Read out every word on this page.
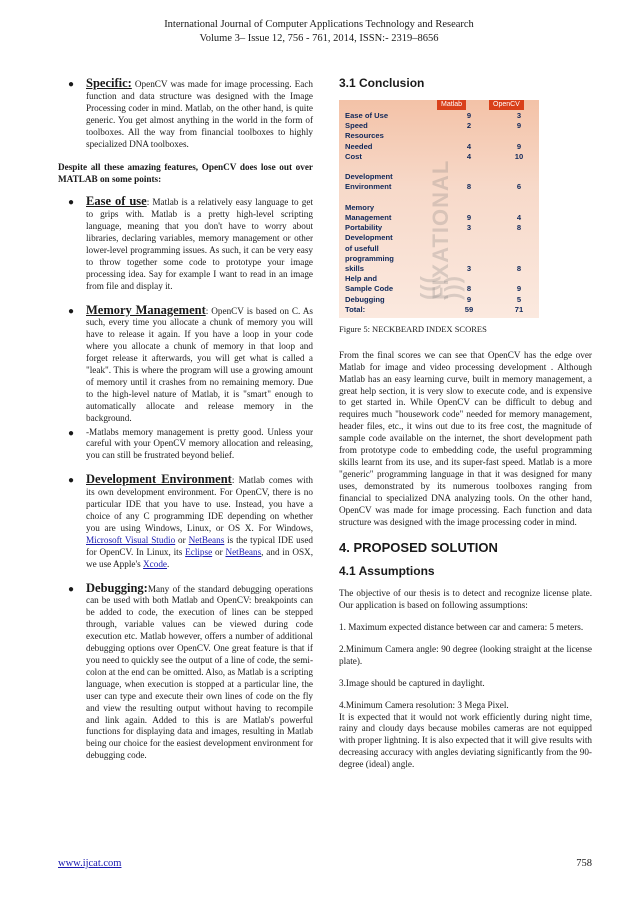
International Journal of Computer Applications Technology and Research
Volume 3– Issue 12, 756 - 761, 2014, ISSN:- 2319–8656
● Specific: OpenCV was made for image processing. Each function and data structure was designed with the Image Processing coder in mind. Matlab, on the other hand, is quite generic. You get almost anything in the world in the form of toolboxes. All the way from financial toolboxes to highly specialized DNA toolboxes.

Despite all these amazing features, OpenCV does lose out over MATLAB on some points:

● Ease of use: Matlab is a relatively easy language to get to grips with. Matlab is a pretty high-level scripting language, meaning that you don't have to worry about libraries, declaring variables, memory management or other lower-level programming issues. As such, it can be very easy to throw together some code to prototype your image processing idea. Say for example I want to read in an image from file and display it.
● Memory Management: OpenCV is based on C. As such, every time you allocate a chunk of memory you will have to release it again. If you have a loop in your code where you allocate a chunk of memory in that loop and forget release it afterwards, you will get what is called a "leak". This is where the program will use a growing amount of memory until it crashes from no remaining memory. Due to the high-level nature of Matlab, it is "smart" enough to automatically allocate and release memory in the background.
● -Matlabs memory management is pretty good. Unless your careful with your OpenCV memory allocation and releasing, you can still be frustrated beyond belief.
● Development Environment: Matlab comes with its own development environment. For OpenCV, there is no particular IDE that you have to use. Instead, you have a choice of any C programming IDE depending on whether you are using Windows, Linux, or OS X. For Windows, Microsoft Visual Studio or NetBeans is the typical IDE used for OpenCV. In Linux, its Eclipse or NetBeans, and in OSX, we use Apple's Xcode.
● Debugging:Many of the standard debugging operations can be used with both Matlab and OpenCV: breakpoints can be added to code, the execution of lines can be stepped through, variable values can be viewed during code execution etc. Matlab however, offers a number of additional debugging options over OpenCV. One great feature is that if you need to quickly see the output of a line of code, the semi-colon at the end can be omitted. Also, as Matlab is a scripting language, when execution is stopped at a particular line, the user can type and execute their own lines of code on the fly and view the resulting output without having to recompile and link again. Added to this is are Matlab's powerful functions for displaying data and images, resulting in Matlab being our choice for the easiest development environment for debugging code.
3.1 Conclusion
((( FIXATIONAL )))
Matlab	OpenCV
Ease of Use	9	3
Speed	2	9
Resources
Needed	4	9
Cost	4	10
Development
Environment	8	6
Memory
Management	9	4
Portability	3	8
Development
of usefull
programming
skills	3	8
Help and
Sample Code	8	9
Debugging	9	5
Total:	59	71

Figure 5: NECKBEARD INDEX SCORES

From the final scores we can see that OpenCV has the edge over Matlab for image and video processing development . Although Matlab has an easy learning curve, built in memory management, a great help section, it is very slow to execute code, and is expensive to get started in. While OpenCV can be difficult to debug and requires much "housework code" needed for memory management, header files, etc., it wins out due to its free cost, the magnitude of sample code available on the internet, the short development path from prototype code to embedding code, the useful programming skills learnt from its use, and its super-fast speed. Matlab is a more "generic" programming language in that it was designed for many uses, demonstrated by its numerous toolboxes ranging from financial to specialized DNA analyzing tools. On the other hand, OpenCV was made for image processing. Each function and data structure was designed with the image processing coder in mind.

4. PROPOSED SOLUTION
4.1 Assumptions

The objective of our thesis is to detect and recognize license plate. Our application is based on following assumptions:

1. Maximum expected distance between car and camera: 5 meters.

2.Minimum Camera angle: 90 degree (looking straight at the license plate).

3.Image should be captured in daylight.

4.Minimum Camera resolution: 3 Mega Pixel.

It is expected that it would not work efficiently during night time, rainy and cloudy days because mobiles cameras are not equipped with proper lightning. It is also expected that it will give results with decreasing accuracy with angles deviating significantly from the 90-degree (ideal) angle.

www.ijcat.com	758
